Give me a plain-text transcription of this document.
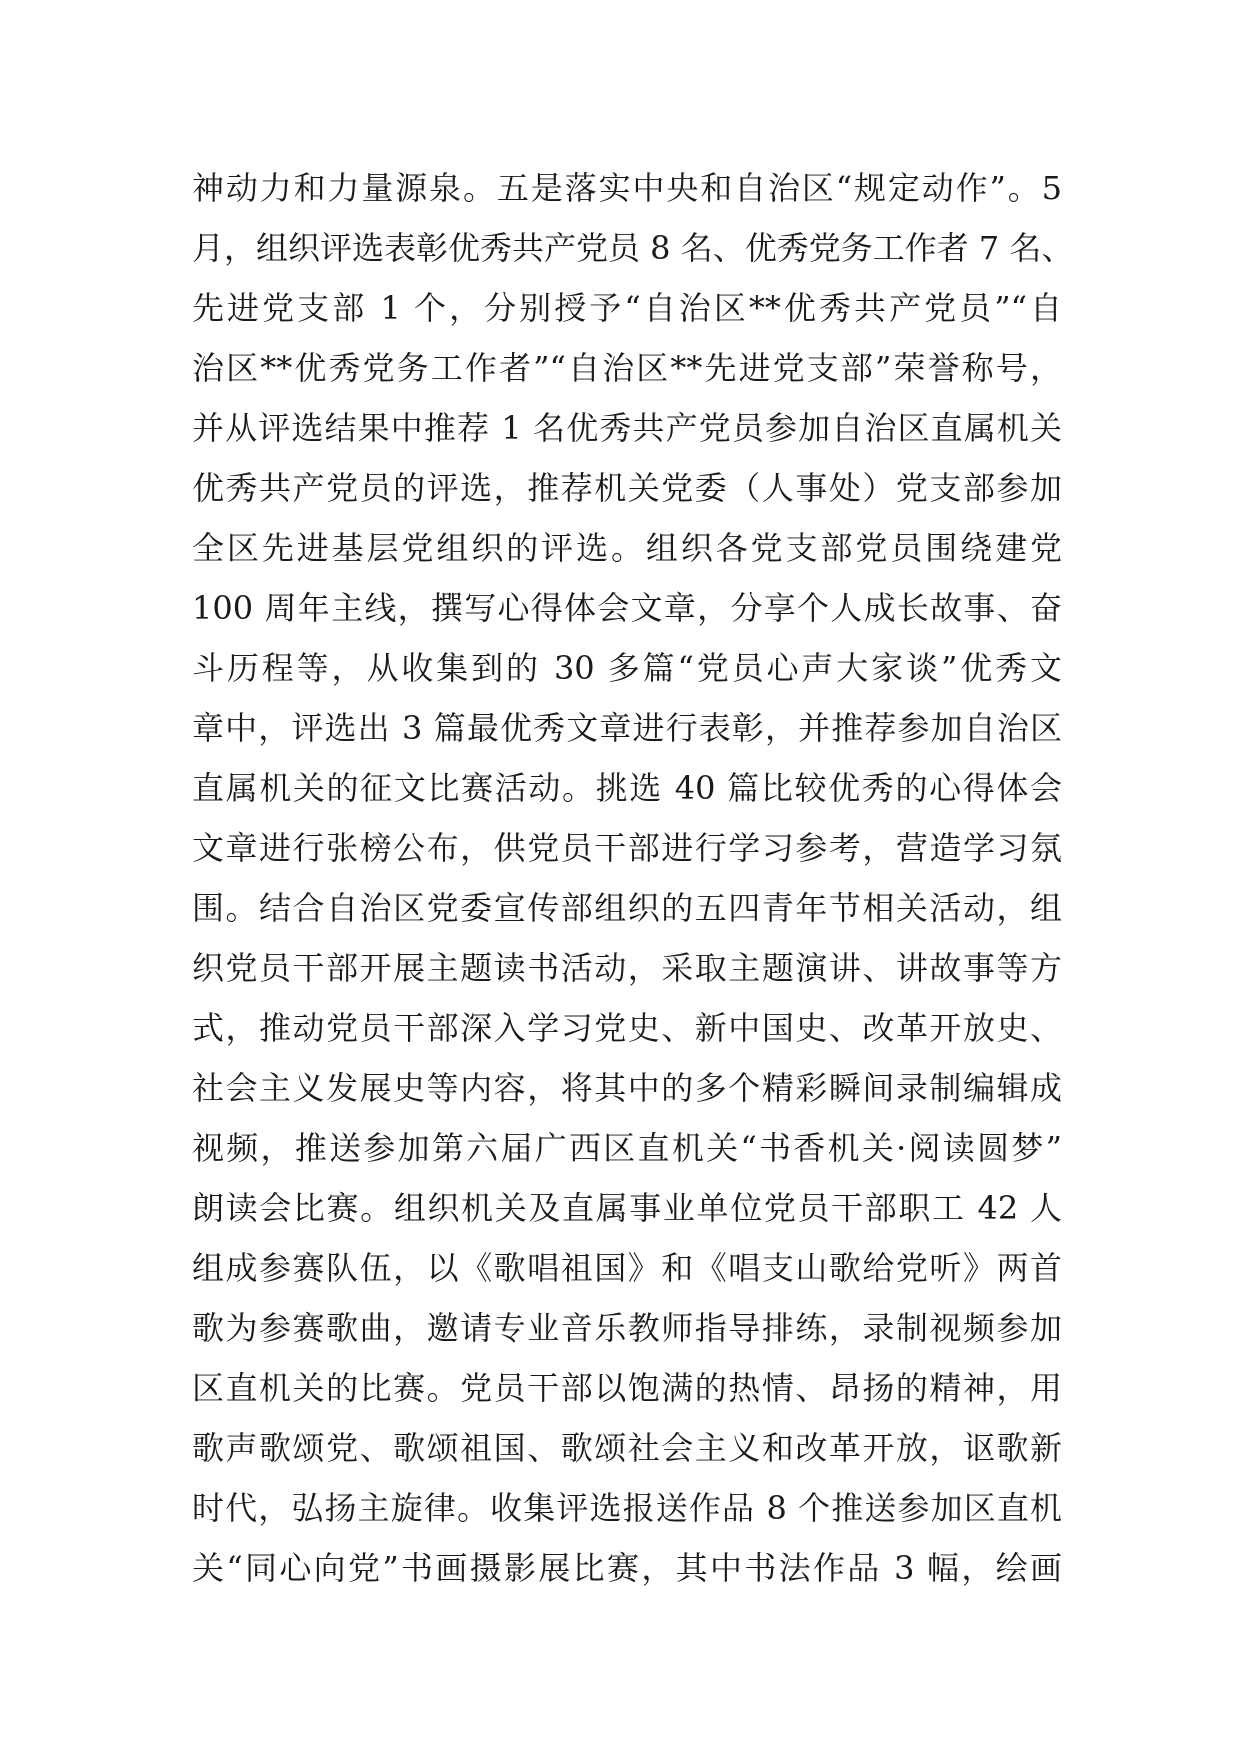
神动力和力量源泉。五是落实中央和自治区“规定动作”。5
月，组织评选表彰优秀共产党员 8 名、优秀党务工作者 7 名、
先进党支部 1 个，分别授予“自治区**优秀共产党员”“自
治区**优秀党务工作者”“自治区**先进党支部”荣誉称号，
并从评选结果中推荐 1 名优秀共产党员参加自治区直属机关
优秀共产党员的评选，推荐机关党委（人事处）党支部参加
全区先进基层党组织的评选。组织各党支部党员围绕建党
100 周年主线，撰写心得体会文章，分享个人成长故事、奋
斗历程等，从收集到的 30 多篇“党员心声大家谈”优秀文
章中，评选出 3 篇最优秀文章进行表彰，并推荐参加自治区
直属机关的征文比赛活动。挑选 40 篇比较优秀的心得体会
文章进行张榜公布，供党员干部进行学习参考，营造学习氛
围。结合自治区党委宣传部组织的五四青年节相关活动，组
织党员干部开展主题读书活动，采取主题演讲、讲故事等方
式，推动党员干部深入学习党史、新中国史、改革开放史、
社会主义发展史等内容，将其中的多个精彩瞬间录制编辑成
视频，推送参加第六届广西区直机关“书香机关·阅读圆梦”
朗读会比赛。组织机关及直属事业单位党员干部职工 42 人
组成参赛队伍，以《歌唱祖国》和《唱支山歌给党听》两首
歌为参赛歌曲，邀请专业音乐教师指导排练，录制视频参加
区直机关的比赛。党员干部以饱满的热情、昂扬的精神，用
歌声歌颂党、歌颂祖国、歌颂社会主义和改革开放，讴歌新
时代，弘扬主旋律。收集评选报送作品 8 个推送参加区直机
关“同心向党”书画摄影展比赛，其中书法作品 3 幅，绘画
